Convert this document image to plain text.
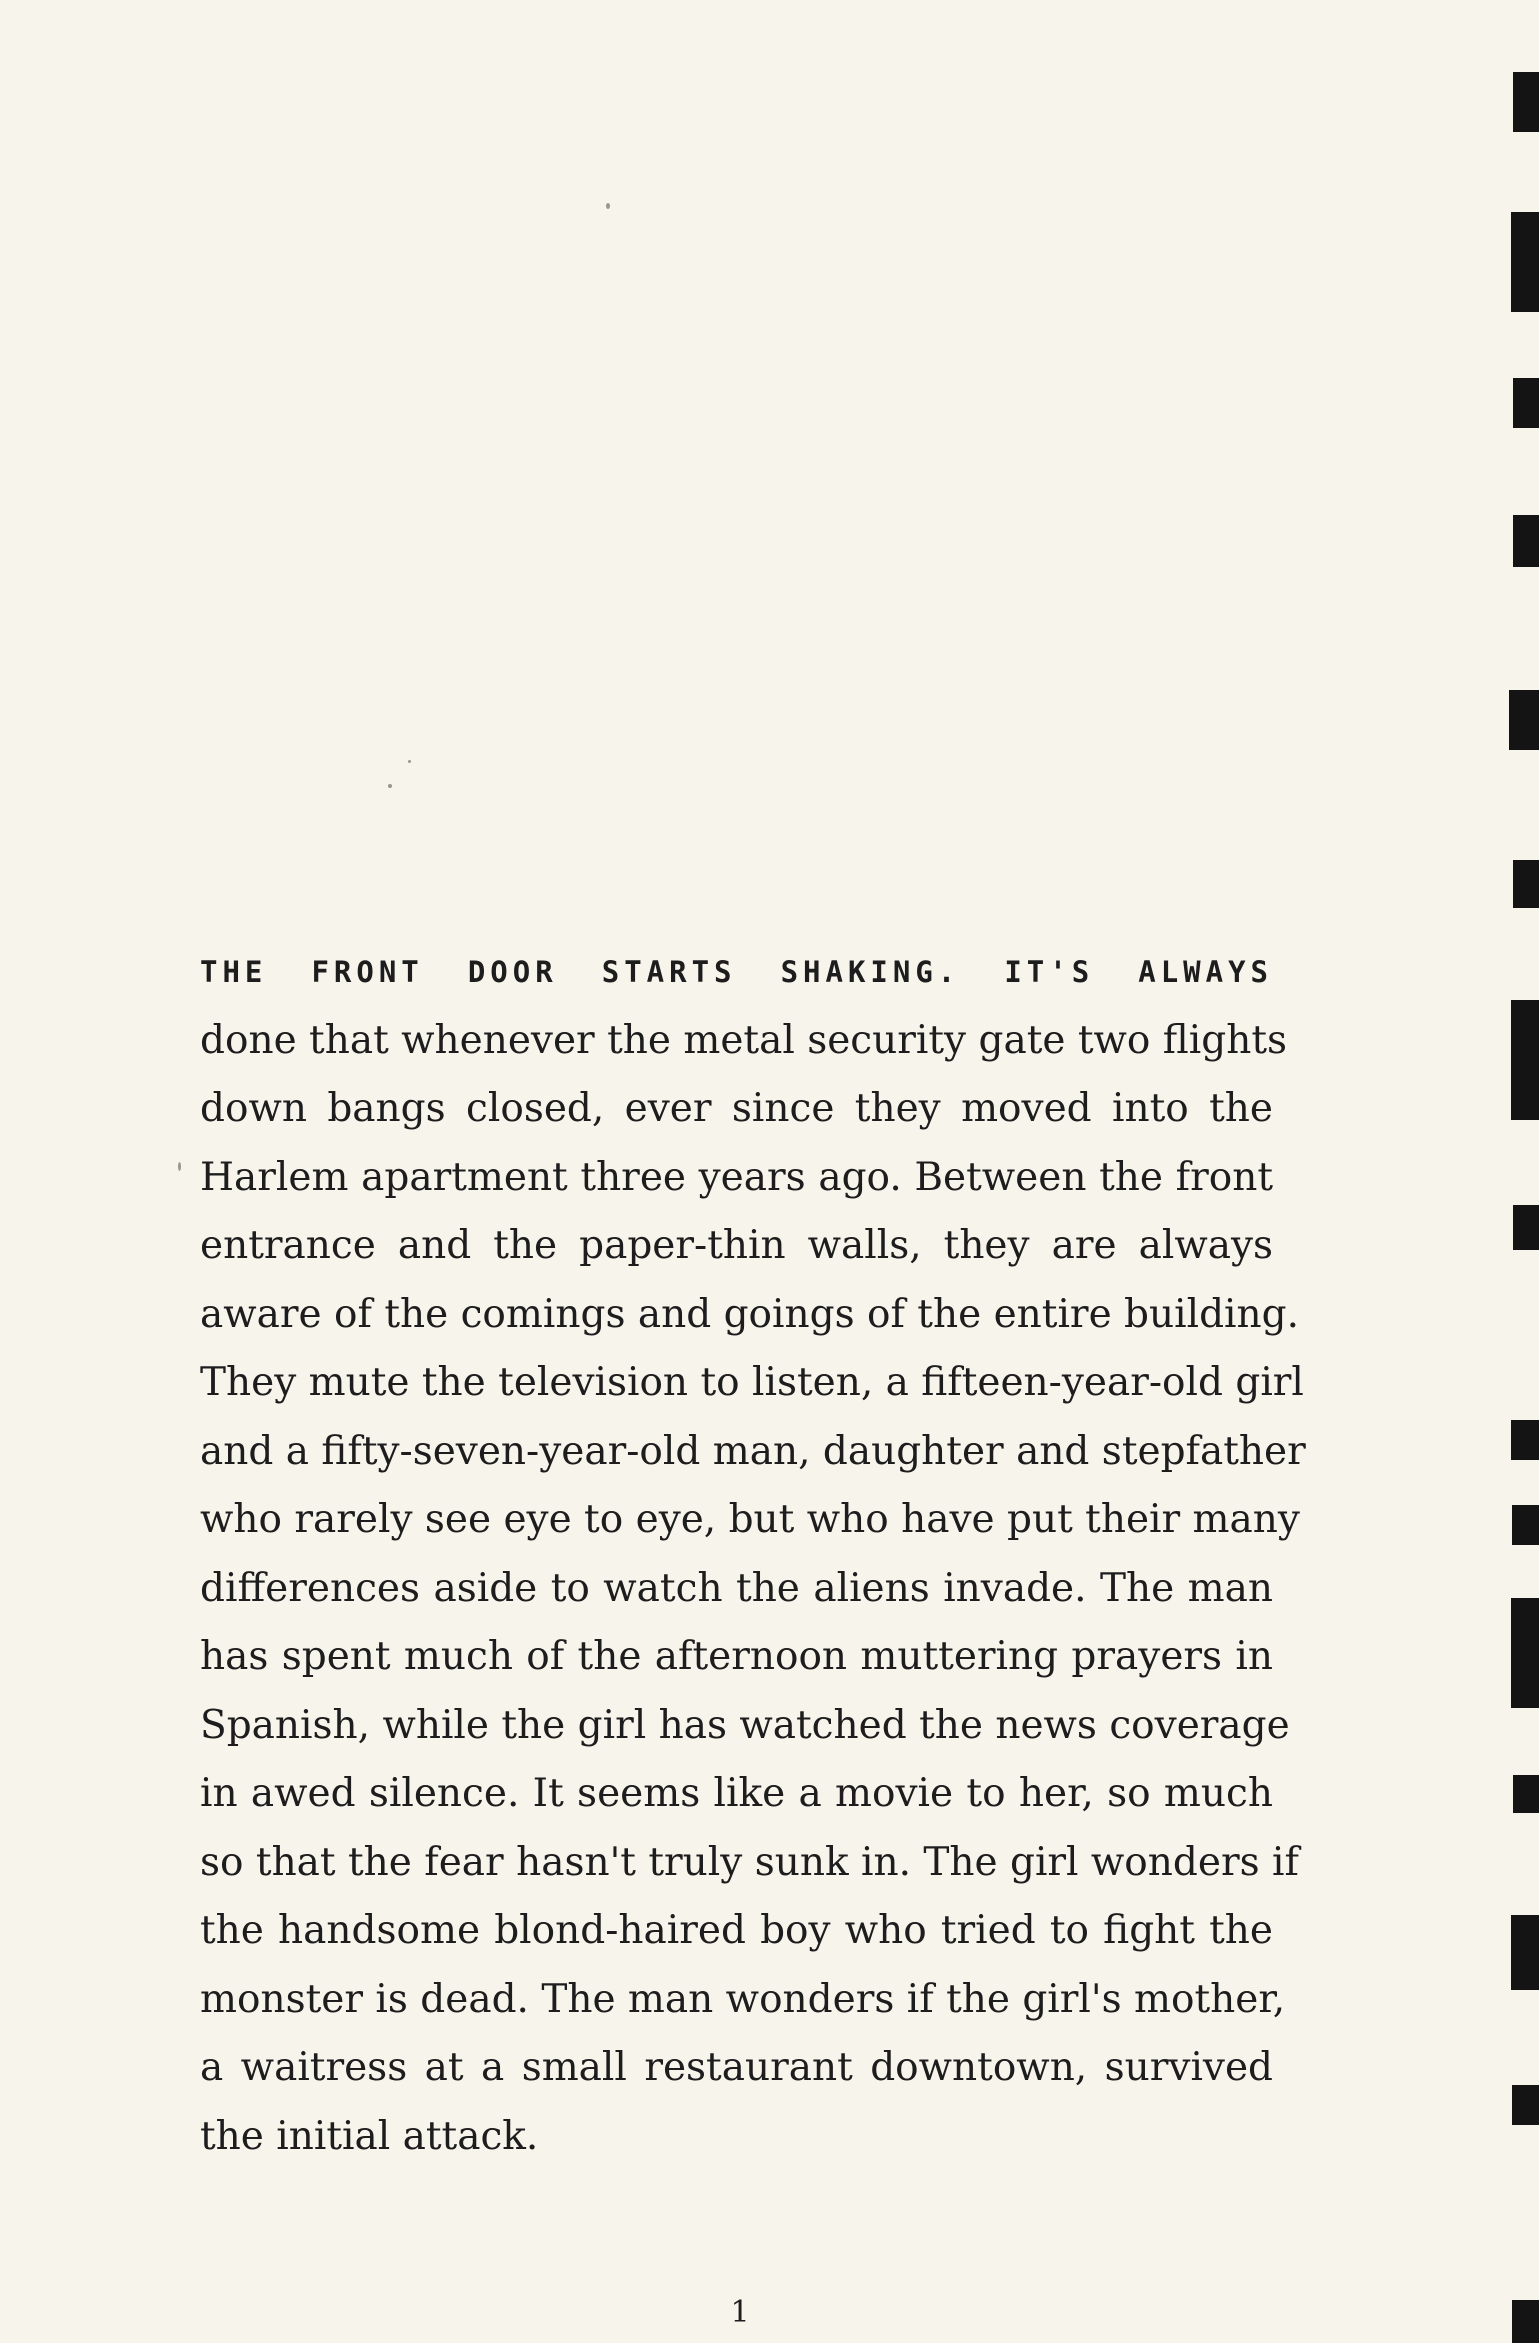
THE FRONT DOOR STARTS SHAKING. IT'S ALWAYS
done that whenever the metal security gate two flights
down bangs closed, ever since they moved into the
Harlem apartment three years ago. Between the front
entrance and the paper-thin walls, they are always
aware of the comings and goings of the entire building.
They mute the television to listen, a fifteen-year-old girl
and a fifty-seven-year-old man, daughter and stepfather
who rarely see eye to eye, but who have put their many
differences aside to watch the aliens invade. The man
has spent much of the afternoon muttering prayers in
Spanish, while the girl has watched the news coverage
in awed silence. It seems like a movie to her, so much
so that the fear hasn't truly sunk in. The girl wonders if
the handsome blond-haired boy who tried to fight the
monster is dead. The man wonders if the girl's mother,
a waitress at a small restaurant downtown, survived
the initial attack.
1
